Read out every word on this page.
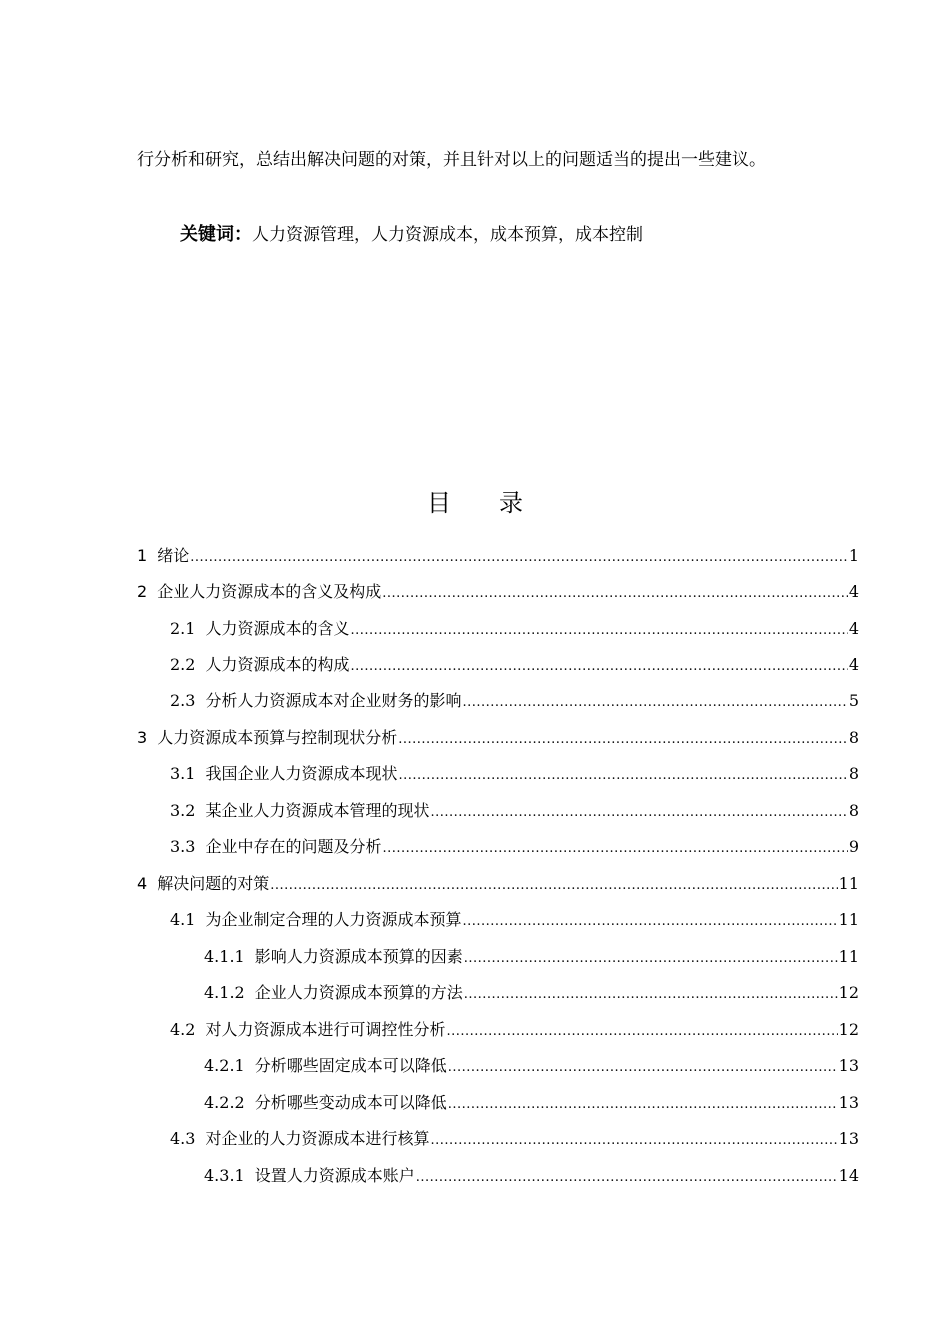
行分析和研究，总结出解决问题的对策，并且针对以上的问题适当的提出一些建议。
关键词：人力资源管理，人力资源成本，成本预算，成本控制
目　　录
1 绪论 .....	1
2 企业人力资源成本的含义及构成 .....	4
2.1 人力资源成本的含义 .....	4
2.2 人力资源成本的构成 .....	4
2.3 分析人力资源成本对企业财务的影响 .....	5
3 人力资源成本预算与控制现状分析 .....	8
3.1 我国企业人力资源成本现状 .....	8
3.2 某企业人力资源成本管理的现状 .....	8
3.3 企业中存在的问题及分析 .....	9
4 解决问题的对策 .....	11
4.1 为企业制定合理的人力资源成本预算 .....	11
4.1.1 影响人力资源成本预算的因素 .....	11
4.1.2 企业人力资源成本预算的方法 .....	12
4.2 对人力资源成本进行可调控性分析 .....	12
4.2.1 分析哪些固定成本可以降低 .....	13
4.2.2 分析哪些变动成本可以降低 .....	13
4.3 对企业的人力资源成本进行核算 .....	13
4.3.1 设置人力资源成本账户 .....	14
